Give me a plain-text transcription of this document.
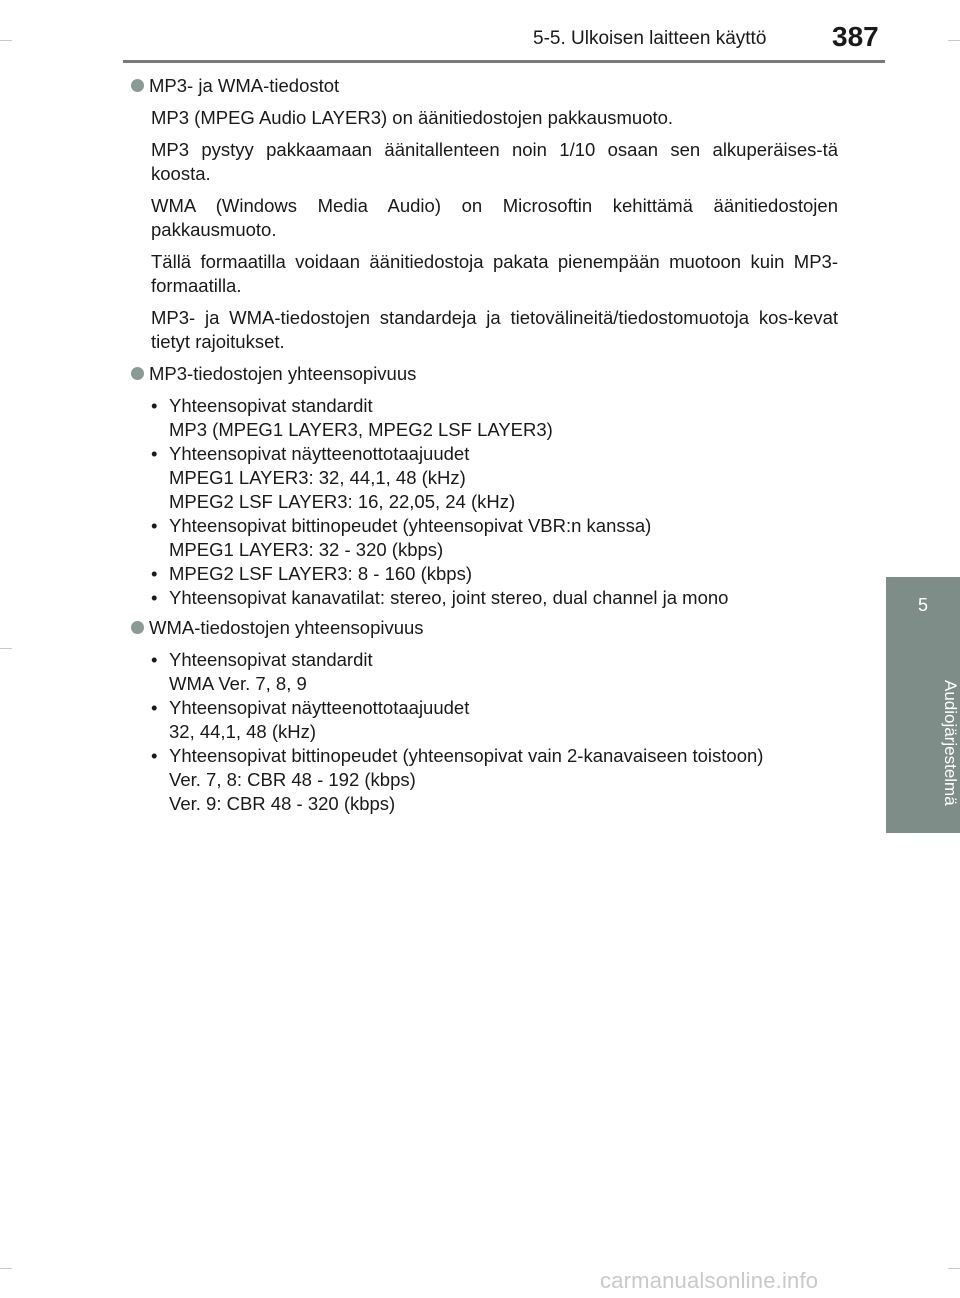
5-5. Ulkoisen laitteen käyttö 387
5
Audiojärjestelmä
MP3- ja WMA-tiedostot

MP3 (MPEG Audio LAYER3) on äänitiedostojen pakkausmuoto.

MP3 pystyy pakkaamaan äänitallenteen noin 1/10 osaan sen alkuperäises-tä koosta.

WMA (Windows Media Audio) on Microsoftin kehittämä äänitiedostojen pakkausmuoto.

Tällä formaatilla voidaan äänitiedostoja pakata pienempään muotoon kuin MP3-formaatilla.

MP3- ja WMA-tiedostojen standardeja ja tietovälineitä/tiedostomuotoja kos-kevat tietyt rajoitukset.

MP3-tiedostojen yhteensopivuus
• Yhteensopivat standardit
MP3 (MPEG1 LAYER3, MPEG2 LSF LAYER3)
• Yhteensopivat näytteenottotaajuudet
MPEG1 LAYER3: 32, 44,1, 48 (kHz)
MPEG2 LSF LAYER3: 16, 22,05, 24 (kHz)
• Yhteensopivat bittinopeudet (yhteensopivat VBR:n kanssa)
MPEG1 LAYER3: 32 - 320 (kbps)
• MPEG2 LSF LAYER3: 8 - 160 (kbps)
• Yhteensopivat kanavatilat: stereo, joint stereo, dual channel ja mono
WMA-tiedostojen yhteensopivuus
• Yhteensopivat standardit
WMA Ver. 7, 8, 9
• Yhteensopivat näytteenottotaajuudet
32, 44,1, 48 (kHz)
• Yhteensopivat bittinopeudet (yhteensopivat vain 2-kanavaiseen toistoon)
Ver. 7, 8: CBR 48 - 192 (kbps)
Ver. 9: CBR 48 - 320 (kbps)
carmanualsonline.info
